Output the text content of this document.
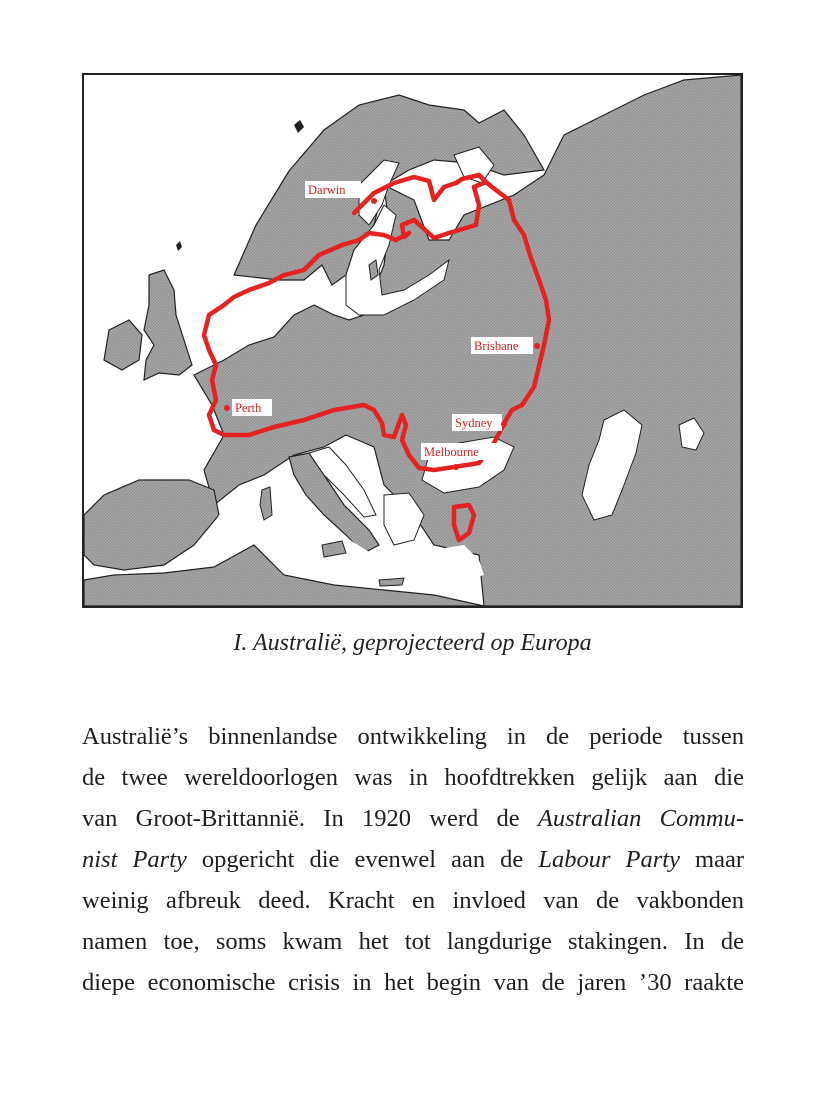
Darwin
Brisbane
Perth
Sydney
Melbourne
I. Australië, geprojecteerd op Europa

Australië’s binnenlandse ontwikkeling in de periode tussen
de twee wereldoorlogen was in hoofdtrekken gelijk aan die
van Groot-Brittannië. In 1920 werd de Australian Commu-
nist Party opgericht die evenwel aan de Labour Party maar
weinig afbreuk deed. Kracht en invloed van de vakbonden
namen toe, soms kwam het tot langdurige stakingen. In de
diepe economische crisis in het begin van de jaren ’30 raakte
